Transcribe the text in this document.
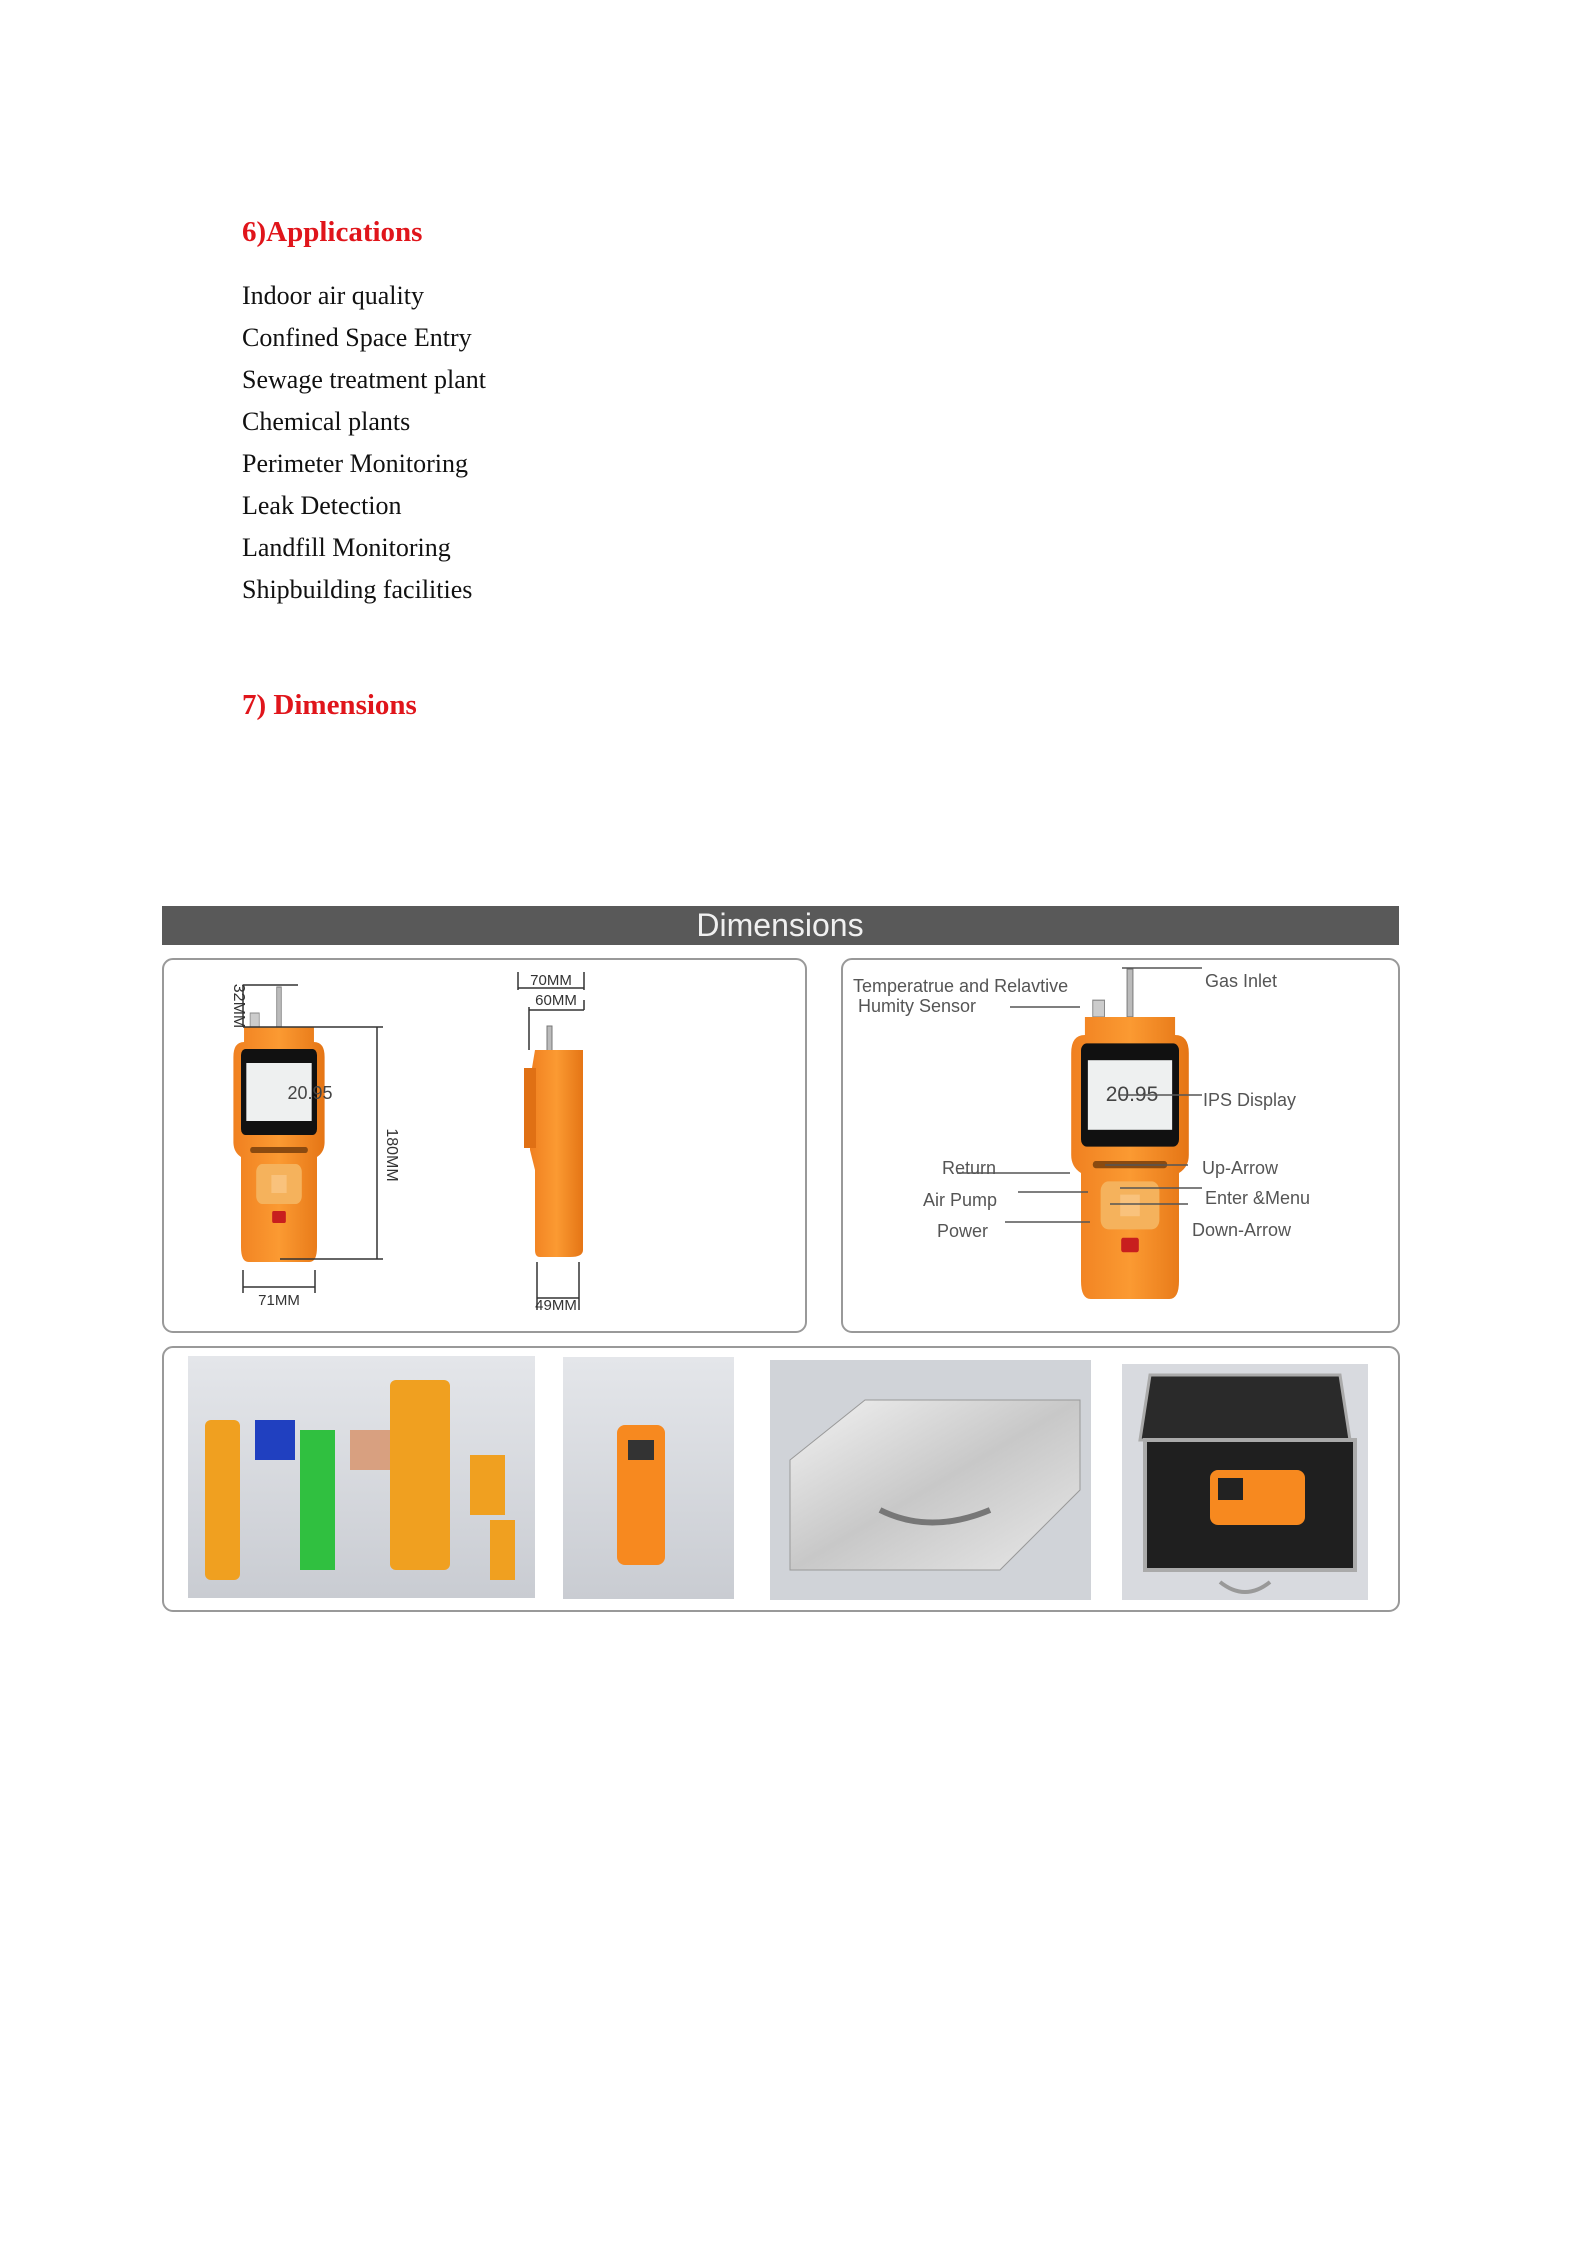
6)Applications
Indoor air quality
Confined Space Entry
Sewage treatment plant
Chemical plants
Perimeter Monitoring
Leak Detection
Landfill Monitoring
Shipbuilding facilities
7) Dimensions
Dimensions
20.95
32MM
180MM
71MM
70MM
60MM
49MM
20.95
Temperatrue and Relavtive
Humity Sensor
Gas Inlet
IPS Display
Return	Up-Arrow
Air Pump	Enter &Menu
Power	Down-Arrow
